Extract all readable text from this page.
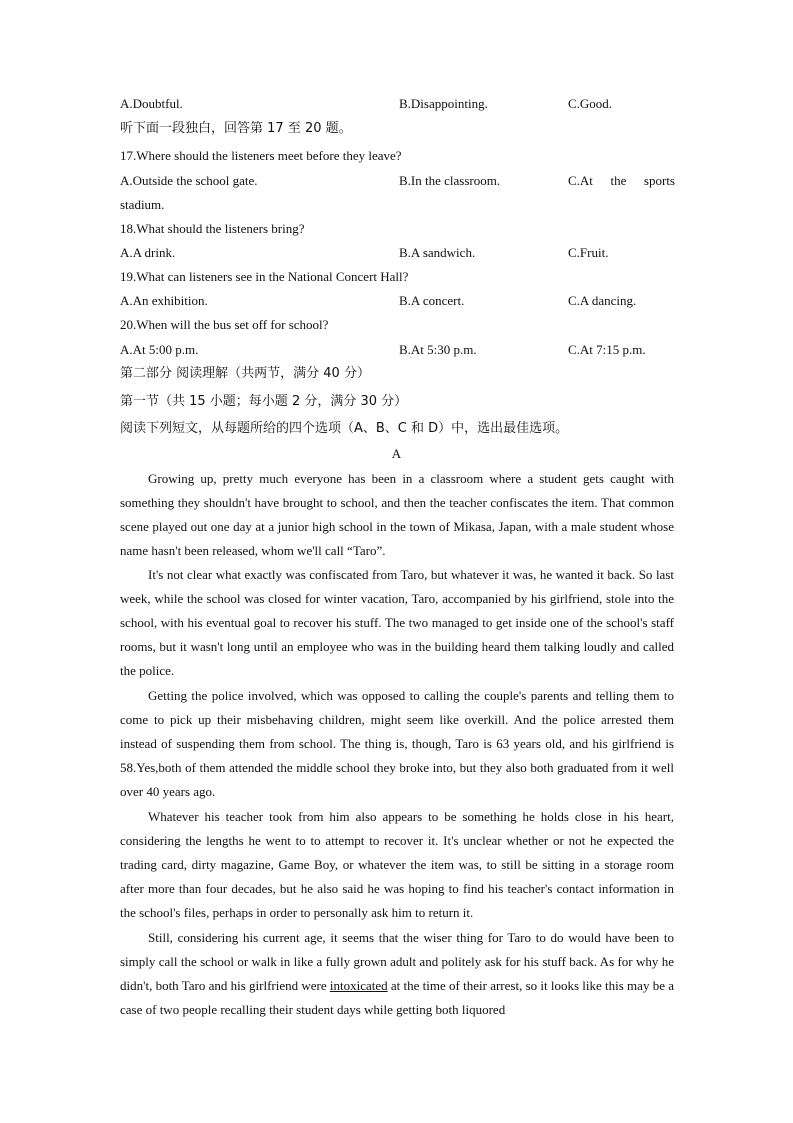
A.Doubtful.	B.Disappointing.	C.Good.
听下面一段独白，回答第 17 至 20 题。
17.Where should the listeners meet before they leave?
A.Outside the school gate.	B.In the classroom.	C.At the sports
stadium.
18.What should the listeners bring?
A.A drink.	B.A sandwich.	C.Fruit.
19.What can listeners see in the National Concert Hall?
A.An exhibition.	B.A concert.	C.A dancing.
20.When will the bus set off for school?
A.At 5:00 p.m.	B.At 5:30 p.m.	C.At 7:15 p.m.
第二部分 阅读理解（共两节，满分 40 分）
第一节（共 15 小题；每小题 2 分，满分 30 分）
阅读下列短文，从每题所给的四个选项（A、B、C 和 D）中，选出最佳选项。
A

Growing up, pretty much everyone has been in a classroom where a student gets caught with something they shouldn't have brought to school, and then the teacher confiscates the item. That common scene played out one day at a junior high school in the town of Mikasa, Japan, with a male student whose name hasn't been released, whom we'll call “Taro”.

It's not clear what exactly was confiscated from Taro, but whatever it was, he wanted it back. So last week, while the school was closed for winter vacation, Taro, accompanied by his girlfriend, stole into the school, with his eventual goal to recover his stuff. The two managed to get inside one of the school's staff rooms, but it wasn't long until an employee who was in the building heard them talking loudly and called the police.

Getting the police involved, which was opposed to calling the couple's parents and telling them to come to pick up their misbehaving children, might seem like overkill. And the police arrested them instead of suspending them from school. The thing is, though, Taro is 63 years old, and his girlfriend is 58.Yes,both of them attended the middle school they broke into, but they also both graduated from it well over 40 years ago.

Whatever his teacher took from him also appears to be something he holds close in his heart, considering the lengths he went to to attempt to recover it. It's unclear whether or not he expected the trading card, dirty magazine, Game Boy, or whatever the item was, to still be sitting in a storage room after more than four decades, but he also said he was hoping to find his teacher's contact information in the school's files, perhaps in order to personally ask him to return it.

Still, considering his current age, it seems that the wiser thing for Taro to do would have been to simply call the school or walk in like a fully grown adult and politely ask for his stuff back. As for why he didn't, both Taro and his girlfriend were intoxicated at the time of their arrest, so it looks like this may be a case of two people recalling their student days while getting both liquored
